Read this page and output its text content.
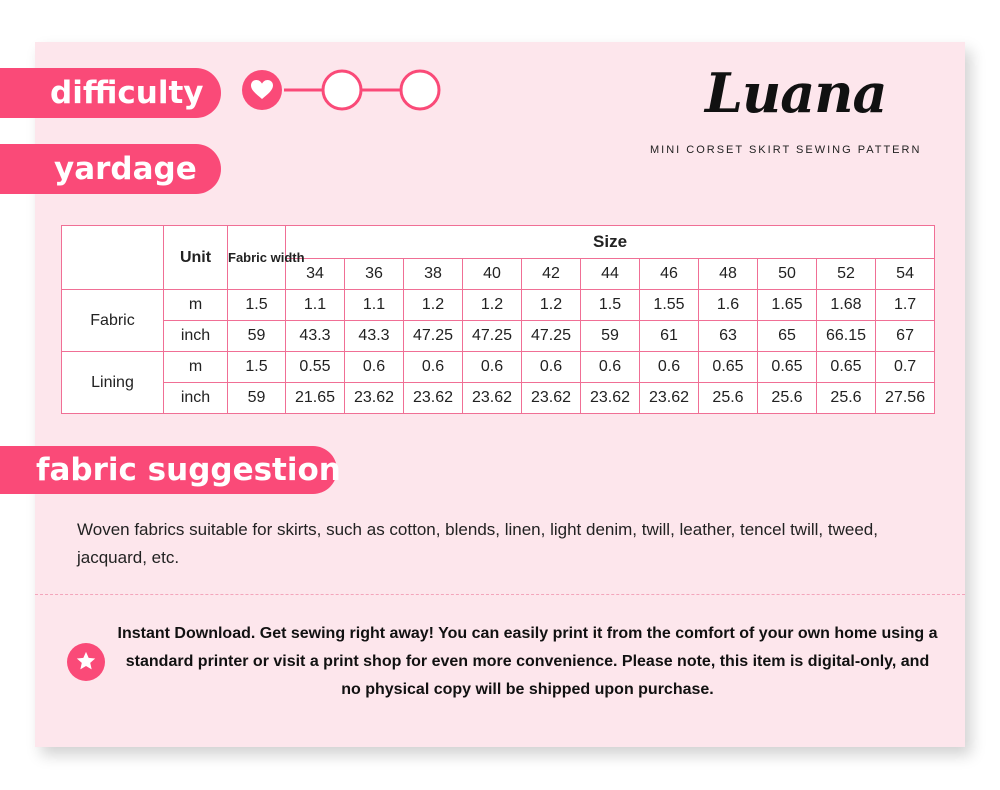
difficulty	Luana
MINI CORSET SKIRT SEWING PATTERN
yardage
	Unit	Fabric width	Size										
			34	36	38	40	42	44	46	48	50	52	54
Fabric	m	1.5	1.1	1.1	1.2	1.2	1.2	1.5	1.55	1.6	1.65	1.68	1.7
	inch	59	43.3	43.3	47.25	47.25	47.25	59	61	63	65	66.15	67
Lining	m	1.5	0.55	0.6	0.6	0.6	0.6	0.6	0.6	0.65	0.65	0.65	0.7
	inch	59	21.65	23.62	23.62	23.62	23.62	23.62	23.62	25.6	25.6	25.6	27.56
fabric suggestion
Woven fabrics suitable for skirts, such as cotton, blends, linen, light denim, twill, leather, tencel twill, tweed, jacquard, etc.
Instant Download. Get sewing right away! You can easily print it from the comfort of your own home using a standard printer or visit a print shop for even more convenience. Please note, this item is digital-only, and no physical copy will be shipped upon purchase.
